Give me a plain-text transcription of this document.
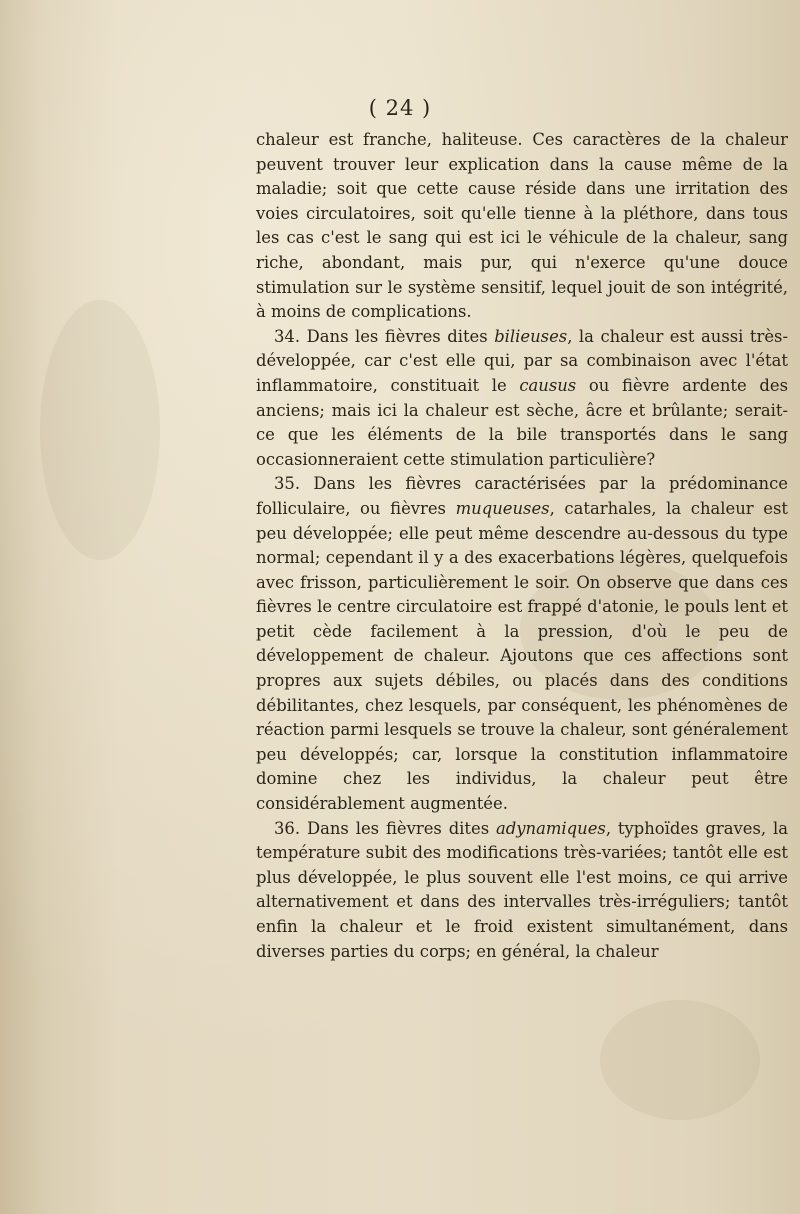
( 24 )

chaleur est franche, haliteuse. Ces caractères de la chaleur peuvent trouver leur explication dans la cause même de la maladie; soit que cette cause réside dans une irritation des voies circulatoires, soit qu'elle tienne à la pléthore, dans tous les cas c'est le sang qui est ici le véhicule de la chaleur, sang riche, abondant, mais pur, qui n'exerce qu'une douce stimulation sur le système sensitif, lequel jouit de son intégrité, à moins de complications.

34. Dans les fièvres dites bilieuses, la chaleur est aussi très-développée, car c'est elle qui, par sa combinaison avec l'état inflammatoire, constituait le causus ou fièvre ardente des anciens; mais ici la chaleur est sèche, âcre et brûlante; serait-ce que les éléments de la bile transportés dans le sang occasionneraient cette stimulation particulière?

35. Dans les fièvres caractérisées par la prédominance folliculaire, ou fièvres muqueuses, catarhales, la chaleur est peu développée; elle peut même descendre au-dessous du type normal; cependant il y a des exacerbations légères, quelquefois avec frisson, particulièrement le soir. On observe que dans ces fièvres le centre circulatoire est frappé d'atonie, le pouls lent et petit cède facilement à la pression, d'où le peu de développement de chaleur. Ajoutons que ces affections sont propres aux sujets débiles, ou placés dans des conditions débilitantes, chez lesquels, par conséquent, les phénomènes de réaction parmi lesquels se trouve la chaleur, sont généralement peu développés; car, lorsque la constitution inflammatoire domine chez les individus, la chaleur peut être considérablement augmentée.

36. Dans les fièvres dites adynamiques, typhoïdes graves, la température subit des modifications très-variées; tantôt elle est plus développée, le plus souvent elle l'est moins, ce qui arrive alternativement et dans des intervalles très-irréguliers; tantôt enfin la chaleur et le froid existent simultanément, dans diverses parties du corps; en général, la chaleur
